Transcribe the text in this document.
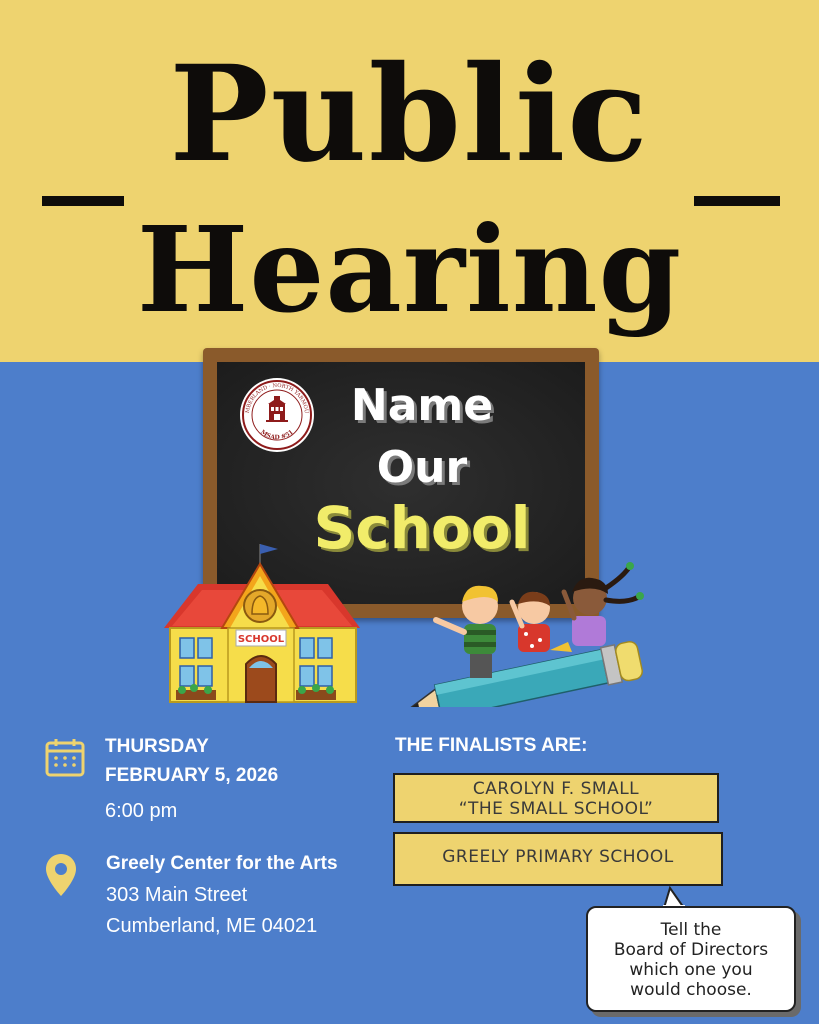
Public
Hearing
Name
Our
School
MBERLAND · NORTH YARMOU
MSAD #51
SCHOOL
THURSDAY
FEBRUARY 5, 2026
6:00 pm
Greely Center for the Arts
303 Main Street
Cumberland, ME 04021
THE FINALISTS ARE:
CAROLYN F. SMALL
“THE SMALL SCHOOL”
GREELY PRIMARY SCHOOL
Tell the
Board of Directors
which one you
would choose.
